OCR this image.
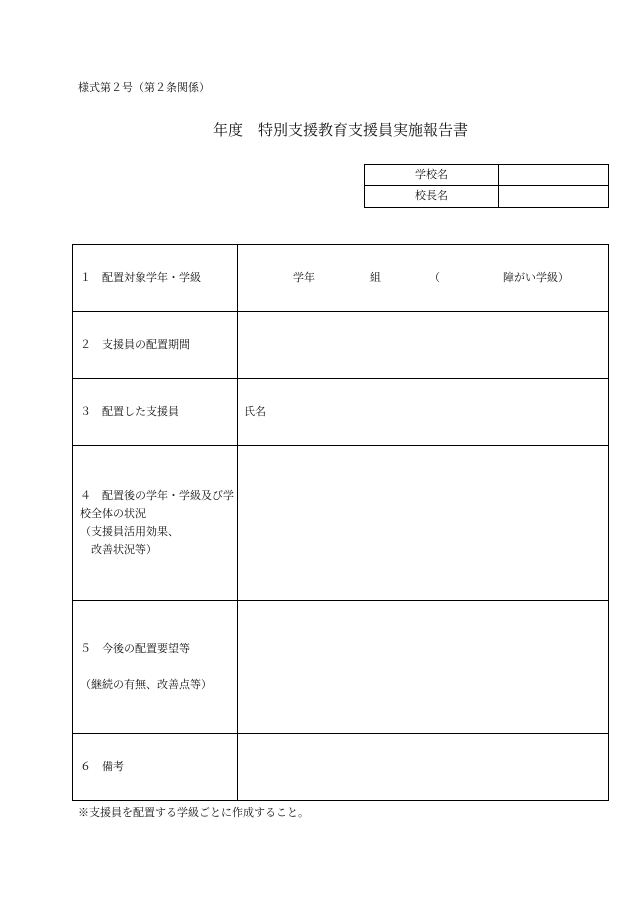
様式第２号（第２条関係）
年度　特別支援教育支援員実施報告書
学校名
校長名
１　配置対象学年・学級	学年	組	（	障がい学級）
２　支援員の配置期間
３　配置した支援員	氏名
４　配置後の学年・学級及び学
校全体の状況
（支援員活用効果、
　改善状況等）
５　今後の配置要望等
（継続の有無、改善点等）
６　備考
※支援員を配置する学級ごとに作成すること。
